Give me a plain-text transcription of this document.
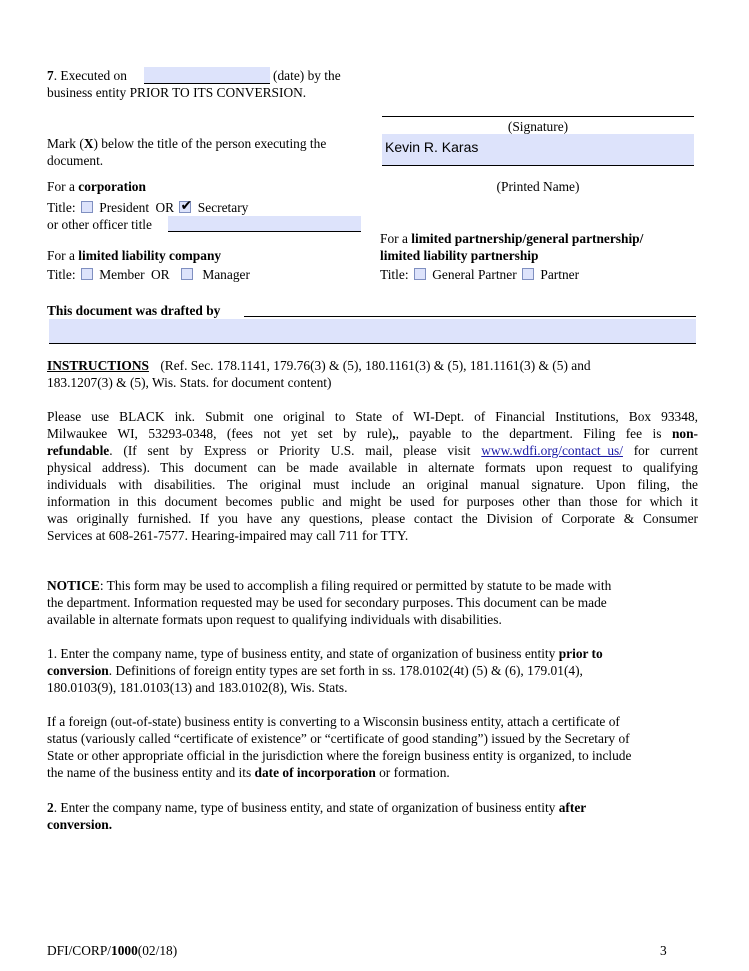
7. Executed on	(date) by the
business entity PRIOR TO ITS CONVERSION.
(Signature)
Kevin R. Karas
(Printed Name)
Mark (X) below the title of the person executing the
document.
For a corporation
Title: President OR ✔ Secretary
or other officer title
For a limited liability company
Title: Member OR Manager
For a limited partnership/general partnership/
limited liability partnership
Title: General Partner Partner
This document was drafted by
INSTRUCTIONS (Ref. Sec. 178.1141, 179.76(3) & (5), 180.1161(3) & (5), 181.1161(3) & (5) and
183.1207(3) & (5), Wis. Stats. for document content)
Please use BLACK ink. Submit one original to State of WI-Dept. of Financial Institutions, Box 93348,
Milwaukee WI, 53293-0348, (fees not yet set by rule),, payable to the department. Filing fee is non-
refundable. (If sent by Express or Priority U.S. mail, please visit www.wdfi.org/contact_us/ for current
physical address). This document can be made available in alternate formats upon request to qualifying
individuals with disabilities. The original must include an original manual signature. Upon filing, the
information in this document becomes public and might be used for purposes other than those for which it
was originally furnished. If you have any questions, please contact the Division of Corporate & Consumer
Services at 608-261-7577. Hearing-impaired may call 711 for TTY.
NOTICE: This form may be used to accomplish a filing required or permitted by statute to be made with
the department. Information requested may be used for secondary purposes. This document can be made
available in alternate formats upon request to qualifying individuals with disabilities.
1. Enter the company name, type of business entity, and state of organization of business entity prior to
conversion. Definitions of foreign entity types are set forth in ss. 178.0102(4t) (5) & (6), 179.01(4),
180.0103(9), 181.0103(13) and 183.0102(8), Wis. Stats.
If a foreign (out-of-state) business entity is converting to a Wisconsin business entity, attach a certificate of
status (variously called “certificate of existence” or “certificate of good standing”) issued by the Secretary of
State or other appropriate official in the jurisdiction where the foreign business entity is organized, to include
the name of the business entity and its date of incorporation or formation.
2. Enter the company name, type of business entity, and state of organization of business entity after
conversion.
DFI/CORP/1000(02/18)	3
